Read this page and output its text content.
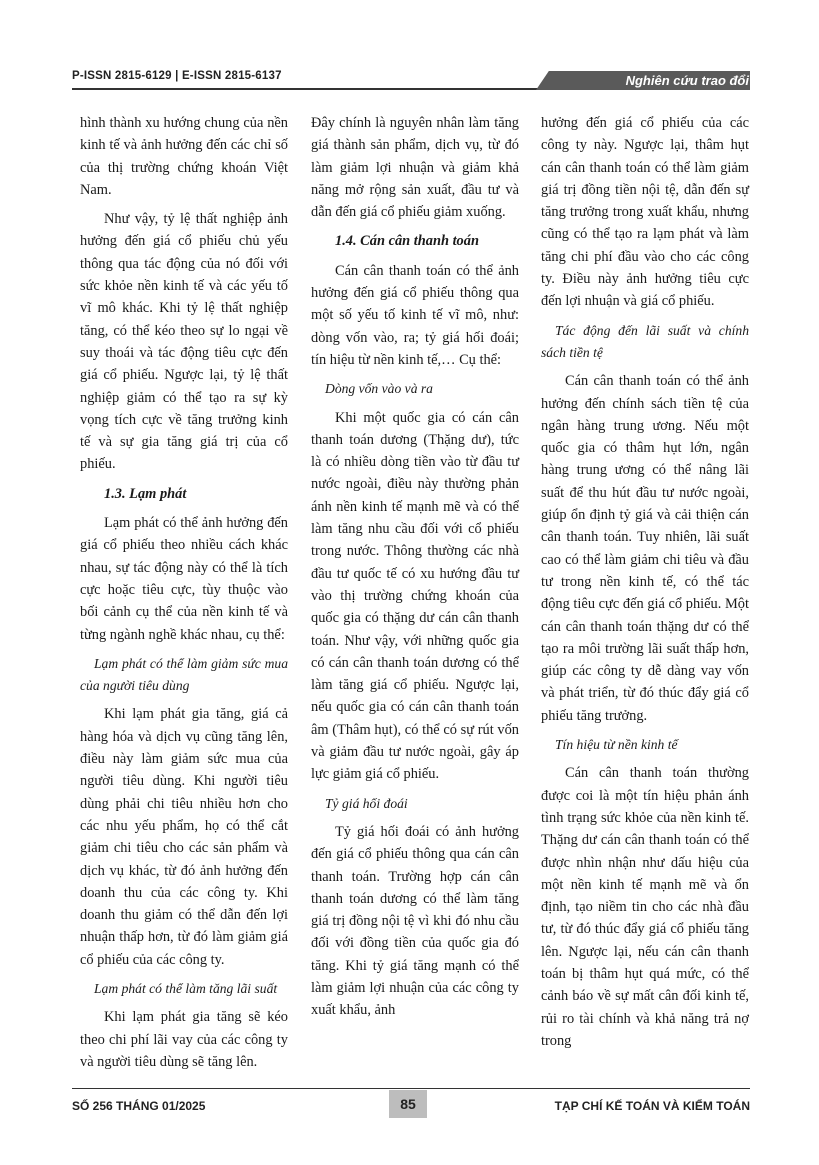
P-ISSN 2815-6129 | E-ISSN 2815-6137	Nghiên cứu trao đổi

hình thành xu hướng chung của nền kinh tế và ảnh hưởng đến các chỉ số của thị trường chứng khoán Việt Nam.

Như vậy, tỷ lệ thất nghiệp ảnh hưởng đến giá cổ phiếu chủ yếu thông qua tác động của nó đối với sức khỏe nền kinh tế và các yếu tố vĩ mô khác. Khi tỷ lệ thất nghiệp tăng, có thể kéo theo sự lo ngại về suy thoái và tác động tiêu cực đến giá cổ phiếu. Ngược lại, tỷ lệ thất nghiệp giảm có thể tạo ra sự kỳ vọng tích cực về tăng trưởng kinh tế và sự gia tăng giá trị của cổ phiếu.

1.3. Lạm phát

Lạm phát có thể ảnh hưởng đến giá cổ phiếu theo nhiều cách khác nhau, sự tác động này có thể là tích cực hoặc tiêu cực, tùy thuộc vào bối cảnh cụ thể của nền kinh tế và từng ngành nghề khác nhau, cụ thể:

Lạm phát có thể làm giảm sức mua của người tiêu dùng

Khi lạm phát gia tăng, giá cả hàng hóa và dịch vụ cũng tăng lên, điều này làm giảm sức mua của người tiêu dùng. Khi người tiêu dùng phải chi tiêu nhiều hơn cho các nhu yếu phẩm, họ có thể cắt giảm chi tiêu cho các sản phẩm và dịch vụ khác, từ đó ảnh hưởng đến doanh thu của các công ty. Khi doanh thu giảm có thể dẫn đến lợi nhuận thấp hơn, từ đó làm giảm giá cổ phiếu của các công ty.

Lạm phát có thể làm tăng lãi suất

Khi lạm phát gia tăng sẽ kéo theo chi phí lãi vay của các công ty và người tiêu dùng sẽ tăng lên.

Đây chính là nguyên nhân làm tăng giá thành sản phẩm, dịch vụ, từ đó làm giảm lợi nhuận và giảm khả năng mở rộng sản xuất, đầu tư và dẫn đến giá cổ phiếu giảm xuống.

1.4. Cán cân thanh toán

Cán cân thanh toán có thể ảnh hưởng đến giá cổ phiếu thông qua một số yếu tố kinh tế vĩ mô, như: dòng vốn vào, ra; tỷ giá hối đoái; tín hiệu từ nền kinh tế,… Cụ thể:

Dòng vốn vào và ra

Khi một quốc gia có cán cân thanh toán dương (Thặng dư), tức là có nhiều dòng tiền vào từ đầu tư nước ngoài, điều này thường phản ánh nền kinh tế mạnh mẽ và có thể làm tăng nhu cầu đối với cổ phiếu trong nước. Thông thường các nhà đầu tư quốc tế có xu hướng đầu tư vào thị trường chứng khoán của quốc gia có thặng dư cán cân thanh toán. Như vậy, với những quốc gia có cán cân thanh toán dương có thể làm tăng giá cổ phiếu. Ngược lại, nếu quốc gia có cán cân thanh toán âm (Thâm hụt), có thể có sự rút vốn và giảm đầu tư nước ngoài, gây áp lực giảm giá cổ phiếu.

Tỷ giá hối đoái

Tỷ giá hối đoái có ảnh hưởng đến giá cổ phiếu thông qua cán cân thanh toán. Trường hợp cán cân thanh toán dương có thể làm tăng giá trị đồng nội tệ vì khi đó nhu cầu đối với đồng tiền của quốc gia đó tăng. Khi tỷ giá tăng mạnh có thể làm giảm lợi nhuận của các công ty xuất khẩu, ảnh

hưởng đến giá cổ phiếu của các công ty này. Ngược lại, thâm hụt cán cân thanh toán có thể làm giảm giá trị đồng tiền nội tệ, dẫn đến sự tăng trưởng trong xuất khẩu, nhưng cũng có thể tạo ra lạm phát và làm tăng chi phí đầu vào cho các công ty. Điều này ảnh hưởng tiêu cực đến lợi nhuận và giá cổ phiếu.

Tác động đến lãi suất và chính sách tiền tệ

Cán cân thanh toán có thể ảnh hưởng đến chính sách tiền tệ của ngân hàng trung ương. Nếu một quốc gia có thâm hụt lớn, ngân hàng trung ương có thể nâng lãi suất để thu hút đầu tư nước ngoài, giúp ổn định tỷ giá và cải thiện cán cân thanh toán. Tuy nhiên, lãi suất cao có thể làm giảm chi tiêu và đầu tư trong nền kinh tế, có thể tác động tiêu cực đến giá cổ phiếu. Một cán cân thanh toán thặng dư có thể tạo ra môi trường lãi suất thấp hơn, giúp các công ty dễ dàng vay vốn và phát triển, từ đó thúc đẩy giá cổ phiếu tăng trưởng.

Tín hiệu từ nền kinh tế

Cán cân thanh toán thường được coi là một tín hiệu phản ánh tình trạng sức khỏe của nền kinh tế. Thặng dư cán cân thanh toán có thể được nhìn nhận như dấu hiệu của một nền kinh tế mạnh mẽ và ổn định, tạo niềm tin cho các nhà đầu tư, từ đó thúc đẩy giá cổ phiếu tăng lên. Ngược lại, nếu cán cân thanh toán bị thâm hụt quá mức, có thể cảnh báo về sự mất cân đối kinh tế, rủi ro tài chính và khả năng trả nợ trong

SỐ 256 THÁNG 01/2025	85	TẠP CHÍ KẾ TOÁN VÀ KIỂM TOÁN
